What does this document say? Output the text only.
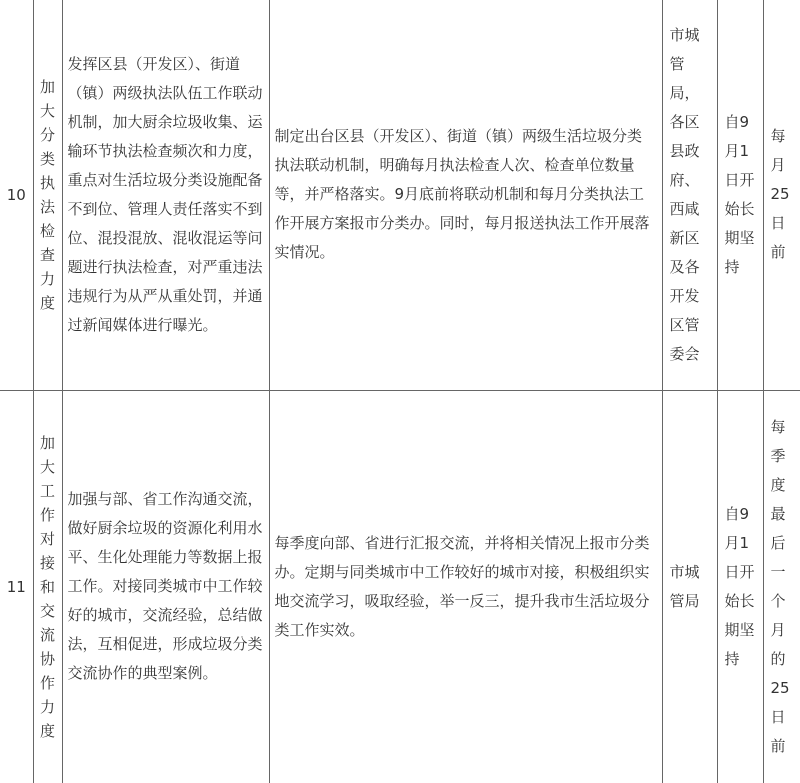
10	加大分类执法检查力度	发挥区县（开发区）、街道（镇）两级执法队伍工作联动机制，加大厨余垃圾收集、运输环节执法检查频次和力度，重点对生活垃圾分类设施配备不到位、管理人责任落实不到位、混投混放、混收混运等问题进行执法检查，对严重违法违规行为从严从重处罚，并通过新闻媒体进行曝光。	制定出台区县（开发区）、街道（镇）两级生活垃圾分类执法联动机制，明确每月执法检查人次、检查单位数量等，并严格落实。9月底前将联动机制和每月分类执法工作开展方案报市分类办。同时，每月报送执法工作开展落实情况。	市城管局，各区县政府、西咸新区及各开发区管委会	自9月1日开始长期坚持	每月25日前
11	加大工作对接和交流协作力度	加强与部、省工作沟通交流，做好厨余垃圾的资源化利用水平、生化处理能力等数据上报工作。对接同类城市中工作较好的城市，交流经验，总结做法，互相促进，形成垃圾分类交流协作的典型案例。	每季度向部、省进行汇报交流，并将相关情况上报市分类办。定期与同类城市中工作较好的城市对接，积极组织实地交流学习，吸取经验，举一反三，提升我市生活垃圾分类工作实效。	市城管局	自9月1日开始长期坚持	每季度最后一个月的25日前
